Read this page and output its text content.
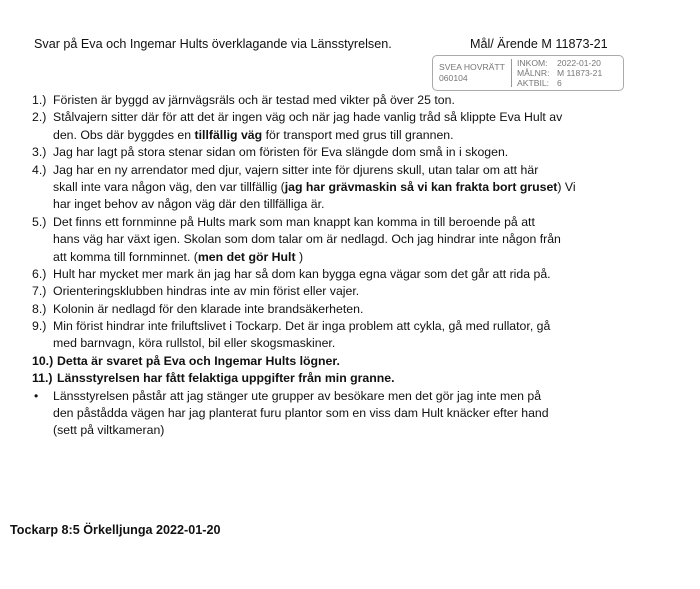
Svar på Eva och Ingemar Hults överklagande via Länsstyrelsen.	Mål/ Ärende M 11873-21
SVEA HOVRÄTT
060104
INKOM: 2022-01-20
MÅLNR: M 11873-21
AKTBIL: 6
1.) Föristen är byggd av järnvägsräls och är testad med vikter på över 25 ton.
2.) Stålvajern sitter där för att det är ingen väg och när jag hade vanlig tråd så klippte Eva Hult av
den. Obs där byggdes en tillfällig väg för transport med grus till grannen.
3.) Jag har lagt på stora stenar sidan om föristen för Eva slängde dom små in i skogen.
4.) Jag har en ny arrendator med djur, vajern sitter inte för djurens skull, utan talar om att här
skall inte vara någon väg, den var tillfällig (jag har grävmaskin så vi kan frakta bort gruset) Vi
har inget behov av någon väg där den tillfälliga är.
5.) Det finns ett fornminne på Hults mark som man knappt kan komma in till beroende på att
hans väg har växt igen. Skolan som dom talar om är nedlagd. Och jag hindrar inte någon från
att komma till fornminnet. (men det gör Hult )
6.) Hult har mycket mer mark än jag har så dom kan bygga egna vägar som det går att rida på.
7.) Orienteringsklubben hindras inte av min förist eller vajer.
8.) Kolonin är nedlagd för den klarade inte brandsäkerheten.
9.) Min förist hindrar inte friluftslivet i Tockarp. Det är inga problem att cykla, gå med rullator, gå
med barnvagn, köra rullstol, bil eller skogsmaskiner.
10.) Detta är svaret på Eva och Ingemar Hults lögner.
11.) Länsstyrelsen har fått felaktiga uppgifter från min granne.
• Länsstyrelsen påstår att jag stänger ute grupper av besökare men det gör jag inte men på
den påstådda vägen har jag planterat furu plantor som en viss dam Hult knäcker efter hand
(sett på viltkameran)
Tockarp 8:5 Örkelljunga 2022-01-20
